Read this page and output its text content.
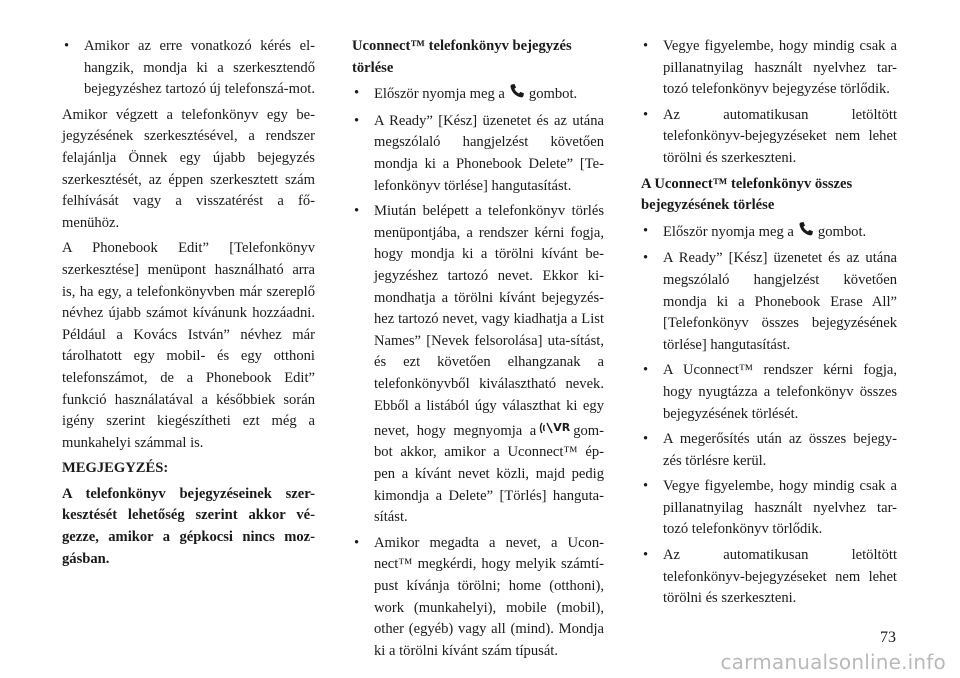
• Amikor az erre vonatkozó kérés el-hangzik, mondja ki a szerkesztendő bejegyzéshez tartozó új telefonszá-mot.

Amikor végzett a telefonkönyv egy be-jegyzésének szerkesztésével, a rendszer felajánlja Önnek egy újabb bejegyzés szerkesztését, az éppen szerkesztett szám felhívását vagy a visszatérést a fő-menühöz.

A Phonebook Edit” [Telefonkönyv szerkesztése] menüpont használható arra is, ha egy, a telefonkönyvben már szereplő névhez újabb számot kívánunk hozzáadni. Például a Kovács István” névhez már tárolhatott egy mobil- és egy otthoni telefonszámot, de a Phonebook Edit” funkció használatával a későbbiek során igény szerint kiegészítheti ezt még a munkahelyi számmal is.

MEGJEGYZÉS:

A telefonkönyv bejegyzéseinek szer-kesztését lehetőség szerint akkor vé-gezze, amikor a gépkocsi nincs moz-gásban.

Uconnect™ telefonkönyv bejegyzés törlése

• Először nyomja meg a gombot.
• A Ready” [Kész] üzenetet és az utána megszólaló hangjelzést követően mondja ki a Phonebook Delete” [Te-lefonkönyv törlése] hangutasítást.
• Miután belépett a telefonkönyv törlés menüpontjába, a rendszer kérni fogja, hogy mondja ki a törölni kívánt be-jegyzéshez tartozó nevet. Ekkor ki-mondhatja a törölni kívánt bejegyzés-hez tartozó nevet, vagy kiadhatja a List Names” [Nevek felsorolása] uta-sítást, és ezt követően elhangzanak a telefonkönyvből kiválasztható nevek. Ebből a listából úgy választhat ki egy nevet, hogy megnyomja a VR gom-bot akkor, amikor a Uconnect™ ép-pen a kívánt nevet közli, majd pedig kimondja a Delete” [Törlés] hanguta-sítást.
• Amikor megadta a nevet, a Ucon-nect™ megkérdi, hogy melyik számtí-pust kívánja törölni; home (otthoni), work (munkahelyi), mobile (mobil), other (egyéb) vagy all (mind). Mondja ki a törölni kívánt szám típusát.
• Vegye figyelembe, hogy mindig csak a pillanatnyilag használt nyelvhez tar-tozó telefonkönyv bejegyzése törlődik.
• Az automatikusan letöltött telefonkönyv-bejegyzéseket nem lehet törölni és szerkeszteni.

A Uconnect™ telefonkönyv összes bejegyzésének törlése

• Először nyomja meg a gombot.
• A Ready” [Kész] üzenetet és az utána megszólaló hangjelzést követően mondja ki a Phonebook Erase All” [Telefonkönyv összes bejegyzésének törlése] hangutasítást.
• A Uconnect™ rendszer kérni fogja, hogy nyugtázza a telefonkönyv összes bejegyzésének törlését.
• A megerősítés után az összes bejegy-zés törlésre kerül.
• Vegye figyelembe, hogy mindig csak a pillanatnyilag használt nyelvhez tar-tozó telefonkönyv törlődik.
• Az automatikusan letöltött telefonkönyv-bejegyzéseket nem lehet törölni és szerkeszteni.
73
carmanualsonline.info
